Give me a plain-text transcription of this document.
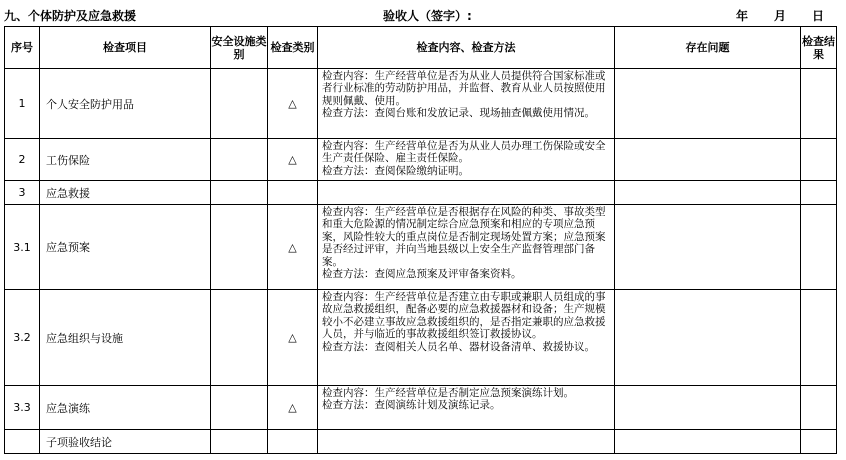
九、个体防护及应急救援	验收人（签字）:	年 月 日
序号	检查项目	安全设施类别	检查类别	检查内容、检查方法	存在问题	检查结果
1	个人安全防护用品		△	检查内容：生产经营单位是否为从业人员提供符合国家标准或者行业标准的劳动防护用品，并监督、教育从业人员按照使用规则佩戴、使用。
检查方法：查阅台账和发放记录、现场抽查佩戴使用情况。		

2	工伤保险		△	检查内容：生产经营单位是否为从业人员办理工伤保险或安全生产责任保险、雇主责任保险。
检查方法：查阅保险缴纳证明。		

3	应急救援					
3.1	应急预案		△	检查内容：生产经营单位是否根据存在风险的种类、事故类型和重大危险源的情况制定综合应急预案和相应的专项应急预案，风险性较大的重点岗位是否制定现场处置方案；应急预案是否经过评审，并向当地县级以上安全生产监督管理部门备案。
检查方法：查阅应急预案及评审备案资料。		

3.2	应急组织与设施		△	检查内容：生产经营单位是否建立由专职或兼职人员组成的事故应急救援组织，配备必要的应急救援器材和设备；生产规模较小不必建立事故应急救援组织的，是否指定兼职的应急救援人员，并与临近的事故救援组织签订救援协议。
检查方法：查阅相关人员名单、器材设备清单、救援协议。		

3.3	应急演练		△	检查内容：生产经营单位是否制定应急预案演练计划。
检查方法：查阅演练计划及演练记录。		

	子项验收结论					
